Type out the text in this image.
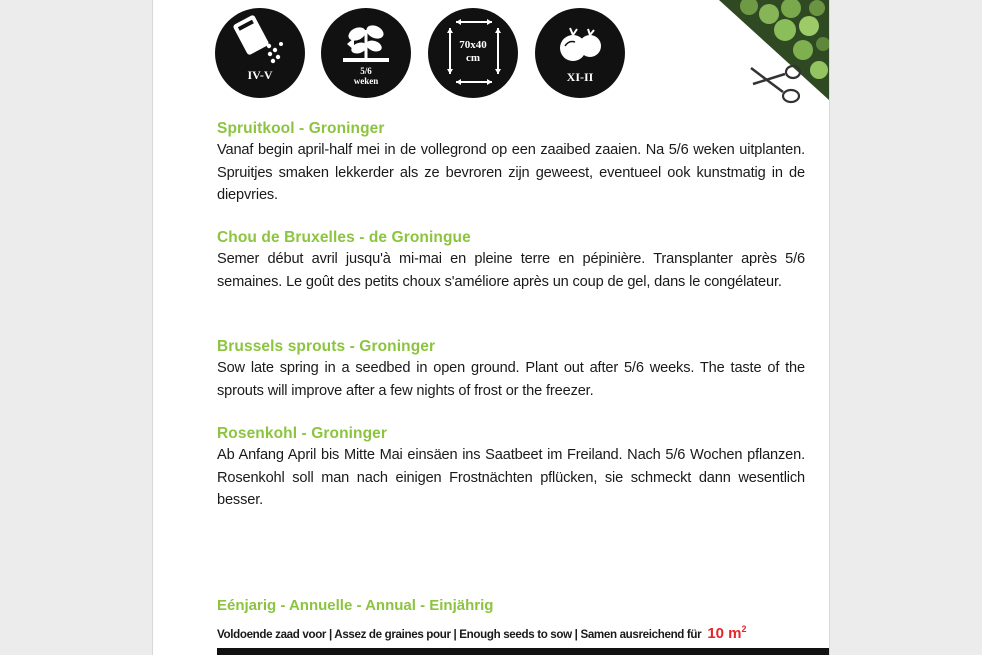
IV-V	5/6
weken
70x40
cm
XI-II

Spruitkool - Groninger

Vanaf begin april-half mei in de vollegrond op een zaaibed zaaien. Na 5/6 weken uitplanten. Spruitjes smaken lekkerder als ze bevroren zijn geweest, eventueel ook kunstmatig in de diepvries.

Chou de Bruxelles - de Groningue

Semer début avril jusqu'à mi-mai en pleine terre en pépinière. Transplanter après 5/6 semaines. Le goût des petits choux s'améliore après un coup de gel, dans le congélateur.

Brussels sprouts - Groninger

Sow late spring in a seedbed in open ground. Plant out after 5/6 weeks. The taste of the sprouts will improve after a few nights of frost or the freezer.

Rosenkohl - Groninger

Ab Anfang April bis Mitte Mai einsäen ins Saatbeet im Freiland. Nach 5/6 Wochen pflanzen. Rosenkohl soll man nach einigen Frostnächten pflücken, sie schmeckt dann wesentlich besser.

Eénjarig - Annuelle - Annual - Einjährig
Voldoende zaad voor | Assez de graines pour | Enough seeds to sow | Samen ausreichend für 10 $m^2$
